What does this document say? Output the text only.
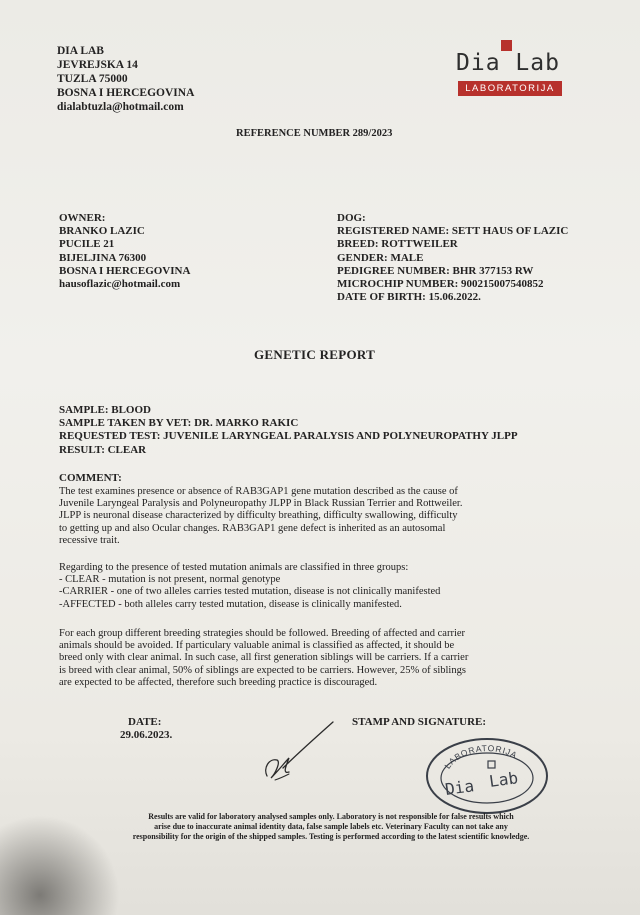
DIA LAB
JEVREJSKA 14
TUZLA 75000
BOSNA I HERCEGOVINA
dialabtuzla@hotmail.com
Dia Lab
LABORATORIJA
REFERENCE NUMBER 289/2023
OWNER:
BRANKO LAZIC
PUCILE 21
BIJELJINA 76300
BOSNA I HERCEGOVINA
hausoflazic@hotmail.com
DOG:
REGISTERED NAME: SETT HAUS OF LAZIC
BREED: ROTTWEILER
GENDER: MALE
PEDIGREE NUMBER: BHR 377153 RW
MICROCHIP NUMBER: 900215007540852
DATE OF BIRTH: 15.06.2022.
GENETIC REPORT
SAMPLE: BLOOD
SAMPLE TAKEN BY VET: DR. MARKO RAKIC
REQUESTED TEST: JUVENILE LARYNGEAL PARALYSIS AND POLYNEUROPATHY JLPP
RESULT: CLEAR
COMMENT:
The test examines presence or absence of RAB3GAP1 gene mutation described as the cause of
Juvenile Laryngeal Paralysis and Polyneuropathy JLPP in Black Russian Terrier and Rottweiler.
JLPP is neuronal disease characterized by difficulty breathing, difficulty swallowing, difficulty
to getting up and also Ocular changes. RAB3GAP1 gene defect is inherited as an autosomal
recessive trait.
Regarding to the presence of tested mutation animals are classified in three groups:
- CLEAR - mutation is not present, normal genotype
-CARRIER - one of two alleles carries tested mutation, disease is not clinically manifested
-AFFECTED - both alleles carry tested mutation, disease is clinically manifested.
For each group different breeding strategies should be followed. Breeding of affected and carrier
animals should be avoided. If particulary valuable animal is classified as affected, it should be
breed only with clear animal. In such case, all first generation siblings will be carriers. If a carrier
is breed with clear animal, 50% of siblings are expected to be carriers. However, 25% of siblings
are expected to be affected, therefore such breeding practice is discouraged.
DATE:
29.06.2023.
STAMP AND SIGNATURE:
LABORATORIJA
Dia Lab
Results are valid for laboratory analysed samples only. Laboratory is not responsible for false results which
arise due to inaccurate animal identity data, false sample labels etc. Veterinary Faculty can not take any
responsibility for the origin of the shipped samples. Testing is performed according to the latest scientific knowledge.
